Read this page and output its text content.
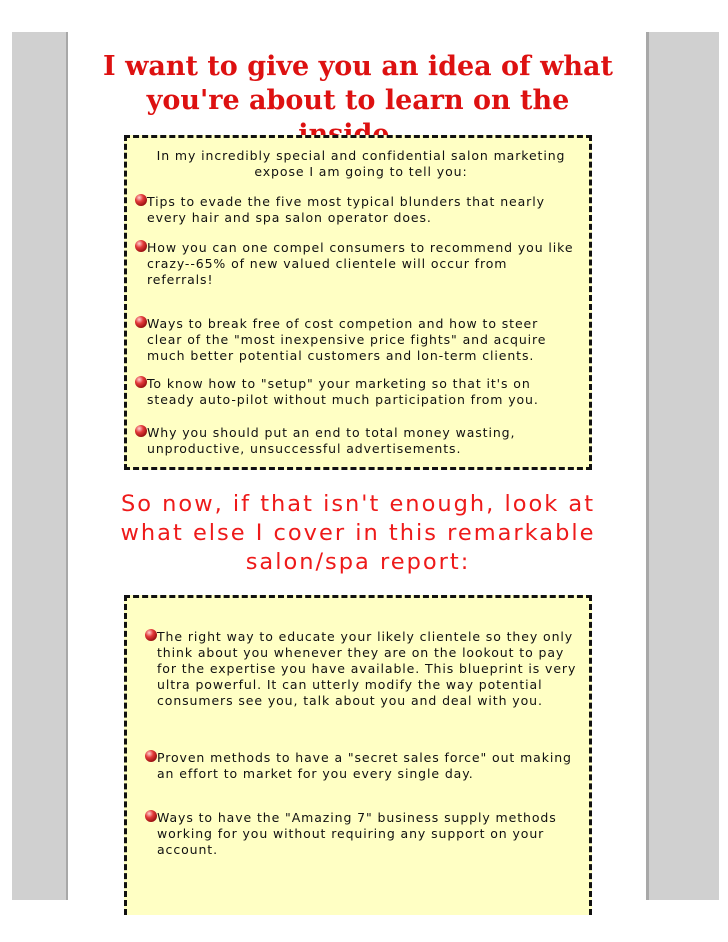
I want to give you an idea of what you're about to learn on the
In my incredibly special and confidential salon marketing expose I am going to tell you:
Tips to evade the five most typical blunders that nearly every hair and spa salon operator does.
How you can one compel consumers to recommend you like crazy--65% of new valued clientele will occur from referrals!
Ways to break free of cost competion and how to steer clear of the "most inexpensive price fights" and acquire much better potential customers and lon-term clients.
To know how to "setup" your marketing so that it's on steady auto-pilot without much participation from you.
Why you should put an end to total money wasting, unproductive, unsuccessful advertisements.
So now, if that isn't enough, look at what else I cover in this remarkable salon/spa report:
The right way to educate your likely clientele so they only think about you whenever they are on the lookout to pay for the expertise you have available. This blueprint is very ultra powerful. It can utterly modify the way potential consumers see you, talk about you and deal with you.
Proven methods to have a "secret sales force" out making an effort to market for you every single day.
Ways to have the "Amazing 7" business supply methods working for you without requiring any support on your account.
